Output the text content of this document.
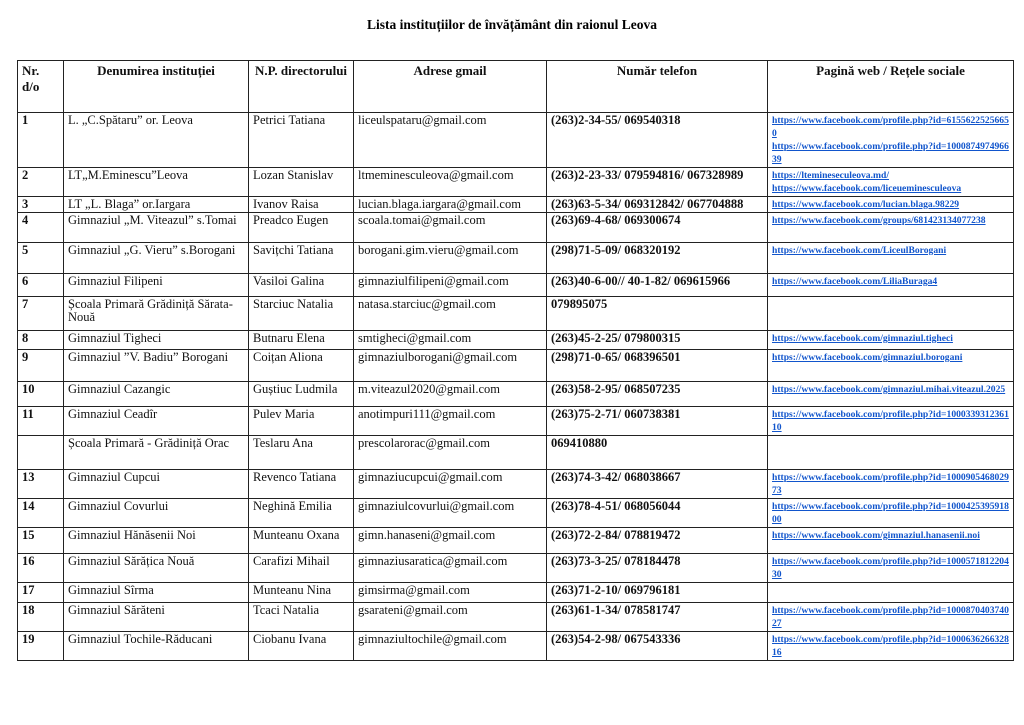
Lista instituțiilor de învățământ din raionul Leova
Nr. d/o	Denumirea instituției	N.P. directorului	Adrese gmail	Număr telefon	Pagină web / Rețele sociale
1	L. „C.Spătaru” or. Leova	Petrici Tatiana	liceulspataru@gmail.com	(263)2-34-55/ 069540318	https://www.facebook.com/profile.php?id=61556225256650
https://www.facebook.com/profile.php?id=100087497496639

2	LT„M.Eminescu”Leova	Lozan Stanislav	ltmeminesculeova@gmail.com	(263)2-23-33/ 079594816/ 067328989	https://ltemineseculeova.md/
https://www.facebook.com/liceueminesculeova

3	LT „L. Blaga” or.Iargara	Ivanov Raisa	lucian.blaga.iargara@gmail.com	(263)63-5-34/ 069312842/ 067704888	https://www.facebook.com/lucian.blaga.98229

4	Gimnaziul „M. Viteazul” s.Tomai	Preadco Eugen	scoala.tomai@gmail.com	(263)69-4-68/ 069300674	https://www.facebook.com/groups/681423134077238

5	Gimnaziul „G. Vieru” s.Borogani	Savițchi Tatiana	borogani.gim.vieru@gmail.com	(298)71-5-09/ 068320192	https://www.facebook.com/LiceulBorogani

6	Gimnaziul Filipeni	Vasiloi Galina	gimnaziulfilipeni@gmail.com	(263)40-6-00// 40-1-82/ 069615966	https://www.facebook.com/LiliaBuraga4

7	Școala Primară Grădiniță Sărata- Nouă	Starciuc Natalia	natasa.starciuc@gmail.com	079895075	
8	Gimnaziul Tigheci	Butnaru Elena	smtigheci@gmail.com	(263)45-2-25/ 079800315	https://www.facebook.com/gimnaziul.tigheci

9	Gimnaziul ”V. Badiu” Borogani	Coițan Aliona	gimnaziulborogani@gmail.com	(298)71-0-65/ 068396501	https://www.facebook.com/gimnaziul.borogani

10	Gimnaziul Cazangic	Guștiuc Ludmila	m.viteazul2020@gmail.com	(263)58-2-95/ 068507235	https://www.facebook.com/gimnaziul.mihai.viteazul.2025

11	Gimnaziul Ceadîr	Pulev Maria	anotimpuri111@gmail.com	(263)75-2-71/ 060738381	https://www.facebook.com/profile.php?id=100033931236110

	Școala Primară - Grădiniță Orac	Teslaru Ana	prescolarorac@gmail.com	069410880	
13	Gimnaziul Cupcui	Revenco Tatiana	gimnaziucupcui@gmail.com	(263)74-3-42/ 068038667	https://www.facebook.com/profile.php?id=100090546802973

14	Gimnaziul Covurlui	Neghină Emilia	gimnaziulcovurlui@gmail.com	(263)78-4-51/ 068056044	https://www.facebook.com/profile.php?id=100042539591800

15	Gimnaziul Hănăsenii Noi	Munteanu Oxana	gimn.hanaseni@gmail.com	(263)72-2-84/ 078819472	https://www.facebook.com/gimnaziul.hanasenii.noi

16	Gimnaziul Sărățica Nouă	Carafizi Mihail	gimnaziusaratica@gmail.com	(263)73-3-25/ 078184478	https://www.facebook.com/profile.php?id=100057181220430

17	Gimnaziul Sîrma	Munteanu Nina	gimsirma@gmail.com	(263)71-2-10/ 069796181	
18	Gimnaziul Sărăteni	Tcaci Natalia	gsarateni@gmail.com	(263)61-1-34/ 078581747	https://www.facebook.com/profile.php?id=100087040374027

19	Gimnaziul Tochile-Răducani	Ciobanu Ivana	gimnaziultochile@gmail.com	(263)54-2-98/ 067543336	https://www.facebook.com/profile.php?id=100063626632816
